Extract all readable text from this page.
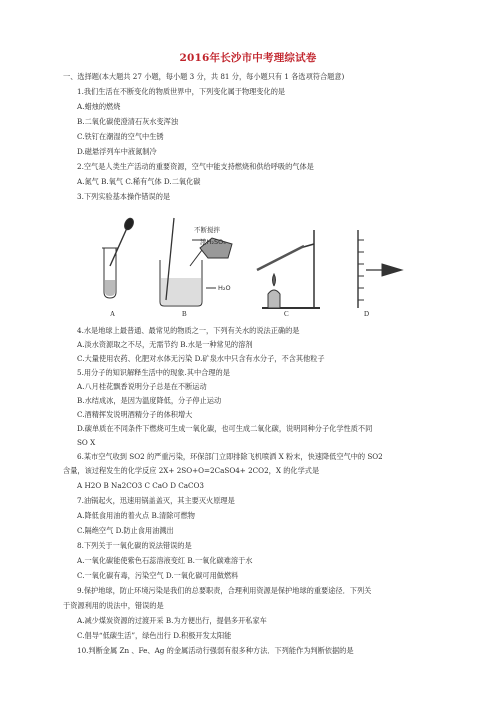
2016年长沙市中考理综试卷
一、选择题(本大题共 27 小题，每小题 3 分，共 81 分，每小题只有 1 各选项符合题意)
1.我们生活在不断变化的物质世界中，下列变化属于物理变化的是
A.蜡烛的燃烧
B.二氧化碳使澄清石灰水变浑浊
C.铁钉在潮湿的空气中生锈
D.磁悬浮列车中液氮制冷
2.空气是人类生产活动的重要资源，空气中能支持燃烧和供给呼吸的气体是
A.氮气 B.氧气 C.稀有气体 D.二氧化碳
3.下列实验基本操作错误的是
不断搅拌
浓H₂SO₄
H₂O
A	B	C	D
4.水是地球上最普通、最常见的物质之一，下列有关水的说法正确的是
A.淡水资源取之不尽，无需节约 B.水是一种常见的溶剂
C.大量使用农药、化肥对水体无污染 D.矿泉水中只含有水分子，不含其他粒子
5.用分子的知识解释生活中的现象.其中合理的是
A.八月桂花飘香说明分子总是在不断运动
B.水结成冰，是因为温度降低，分子停止运动
C.酒精挥发说明酒精分子的体积增大
D.碳单质在不同条件下燃烧可生成一氧化碳，也可生成二氧化碳，说明同种分子化学性质不同
SO X
6.某市空气收到 SO2 的严重污染，环保部门立即排除飞机喷洒 X 粉末，快速降低空气中的 SO2
含量，该过程发生的化学反应 2X+ 2SO+O=2CaSO4+ 2CO2，X 的化学式是
A H2O B Na2CO3 C CaO D CaCO3
7.油锅起火，迅速用锅盖盖灭，其主要灭火原理是
A.降低食用油的着火点 B.清除可燃物
C.隔绝空气 D.防止食用油溅出
8.下列关于一氧化碳的说法错误的是
A.一氧化碳能使紫色石蕊溶液变红 B.一氧化碳难溶于水
C.一氧化碳有毒，污染空气 D.一氧化碳可用做燃料
9.保护地球，防止环境污染是我们的总要职责，合理利用资源是保护地球的重要途径．下列关
于资源利用的说法中，错误的是
A.减少煤炭资源的过渡开采 B.为方便出行，提倡多开私家车
C.倡导“低碳生活”，绿色出行 D.积极开发太阳能
10.判断金属 Zn 、Fe、Ag 的金属活动行强弱有很多种方法．下列能作为判断依据的是
